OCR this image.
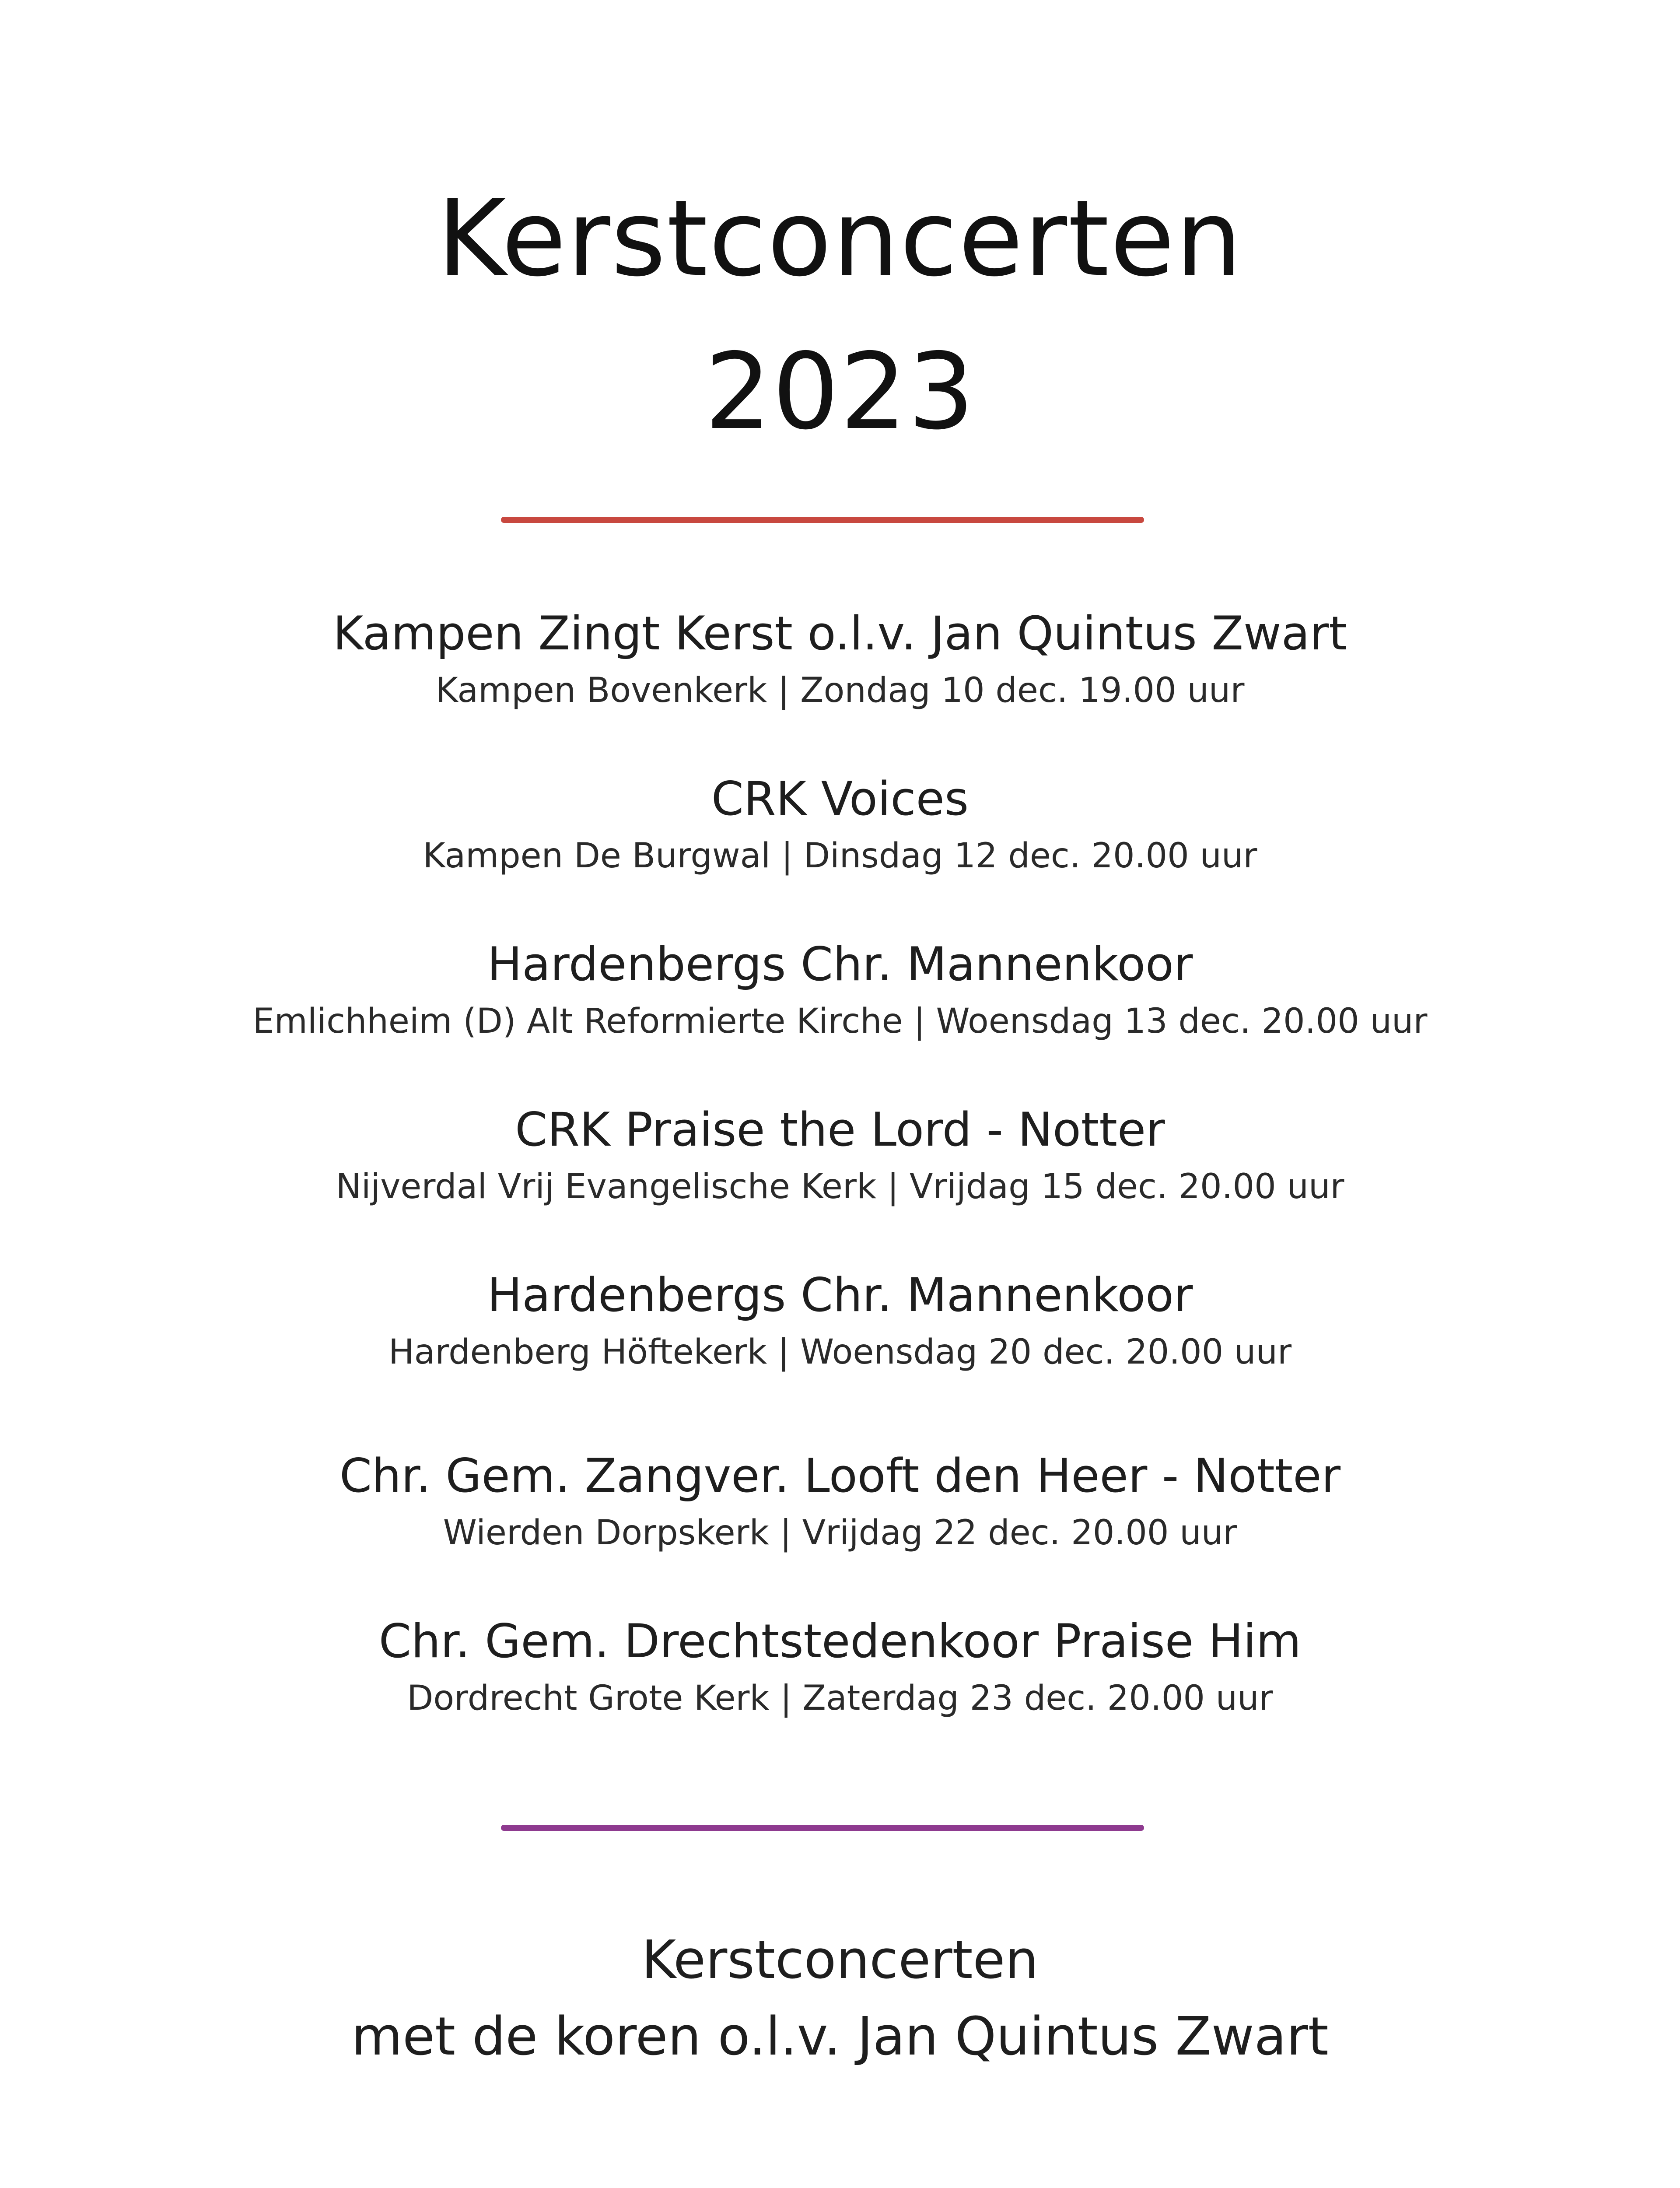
Kerstconcerten
2023
Kampen Zingt Kerst o.l.v. Jan Quintus Zwart
Kampen Bovenkerk | Zondag 10 dec. 19.00 uur
CRK Voices
Kampen De Burgwal | Dinsdag 12 dec. 20.00 uur
Hardenbergs Chr. Mannenkoor
Emlichheim (D) Alt Reformierte Kirche | Woensdag 13 dec. 20.00 uur
CRK Praise the Lord - Notter
Nijverdal Vrij Evangelische Kerk | Vrijdag 15 dec. 20.00 uur
Hardenbergs Chr. Mannenkoor
Hardenberg Höftekerk | Woensdag 20 dec. 20.00 uur
Chr. Gem. Zangver. Looft den Heer - Notter
Wierden Dorpskerk | Vrijdag 22 dec. 20.00 uur
Chr. Gem. Drechtstedenkoor Praise Him
Dordrecht Grote Kerk | Zaterdag 23 dec. 20.00 uur
Kerstconcerten
met de koren o.l.v. Jan Quintus Zwart
